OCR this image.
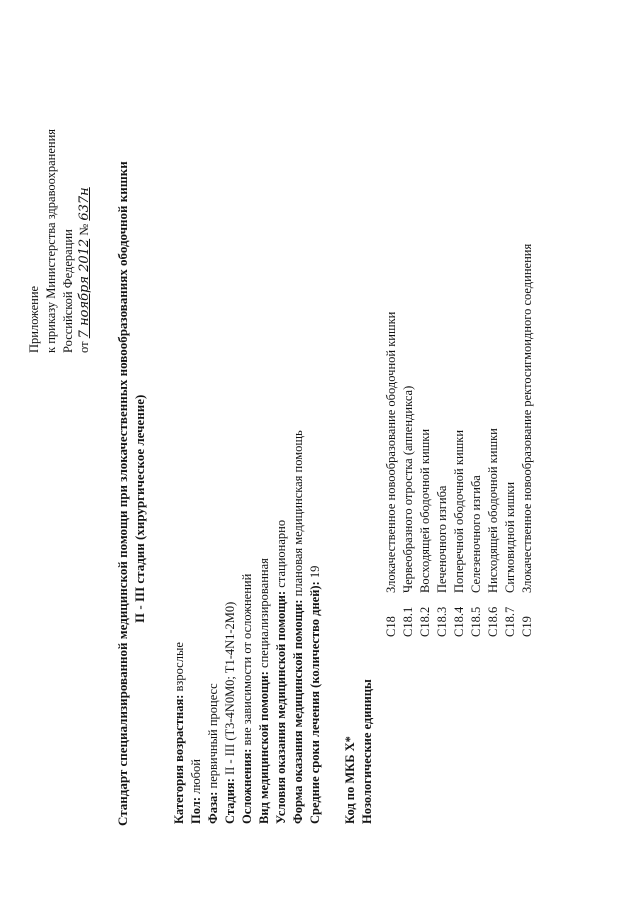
Приложение к приказу Министерства здравоохранения Российской Федерации от 7 ноября 2012 № 637н Стандарт специализированной медицинской помощи при злокачественных новообразованиях ободочной кишки II - III стадии (хирургическое лечение)
Категория возрастная: взрослые
Пол: любой
Фаза: первичный процесс
Стадия: II - III (T3-4N0M0; T1-4N1-2M0)
Осложнения: вне зависимости от осложнений Вид медицинской помощи: специализированная Условия оказания медицинской помощи: стационарно
Форма оказания медицинской помощи: плановая медицинская помощь
Средние сроки лечения (количество дней): 19
Код по МКБ X* Нозологические единицы
C18Злокачественное новообразование ободочной кишки
C18.1Червеобразного отростка (аппендикса)
C18.2Восходящей ободочной кишки
C18.3Печеночного изгиба
C18.4Поперечной ободочной кишки
C18.5Селезеночного изгиба
C18.6Нисходящей ободочной кишки
C18.7Сигмовидной кишки
C19Злокачественное новообразование ректосигмоидного соединения
